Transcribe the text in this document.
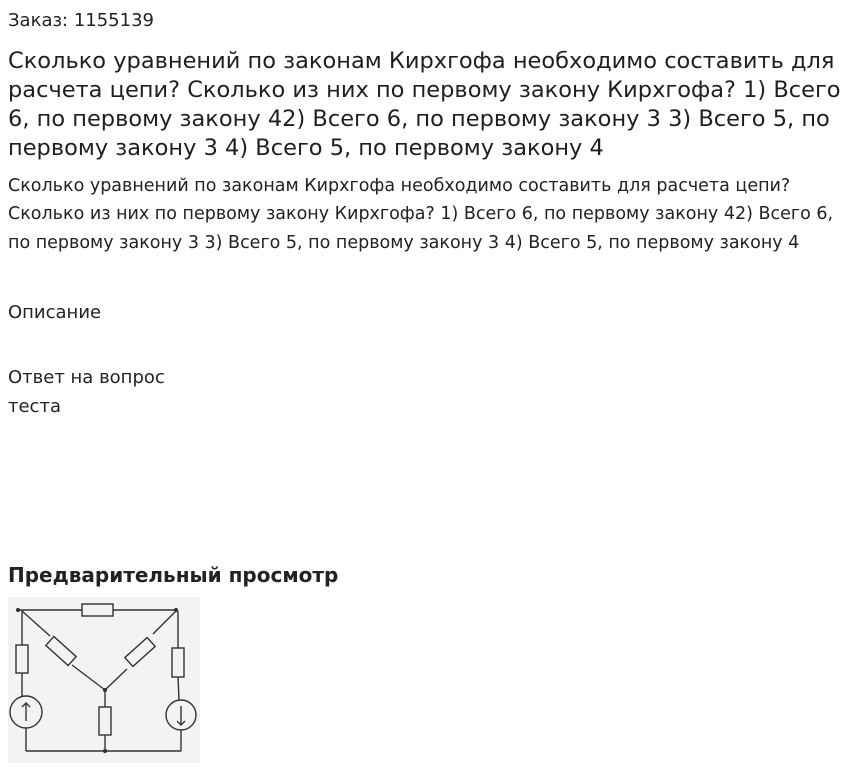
Заказ: 1155139
Сколько уравнений по законам Кирхгофа необходимо составить для расчета цепи? Сколько из них по первому закону Кирхгофа? 1) Всего 6, по первому закону 42) Всего 6, по первому закону 3 3) Всего 5, по первому закону 3 4) Всего 5, по первому закону 4

Сколько уравнений по законам Кирхгофа необходимо составить для расчета цепи? Сколько из них по первому закону Кирхгофа? 1) Всего 6, по первому закону 42) Всего 6, по первому закону 3 3) Всего 5, по первому закону 3 4) Всего 5, по первому закону 4

Описание

Ответ на вопрос теста

Предварительный просмотр
